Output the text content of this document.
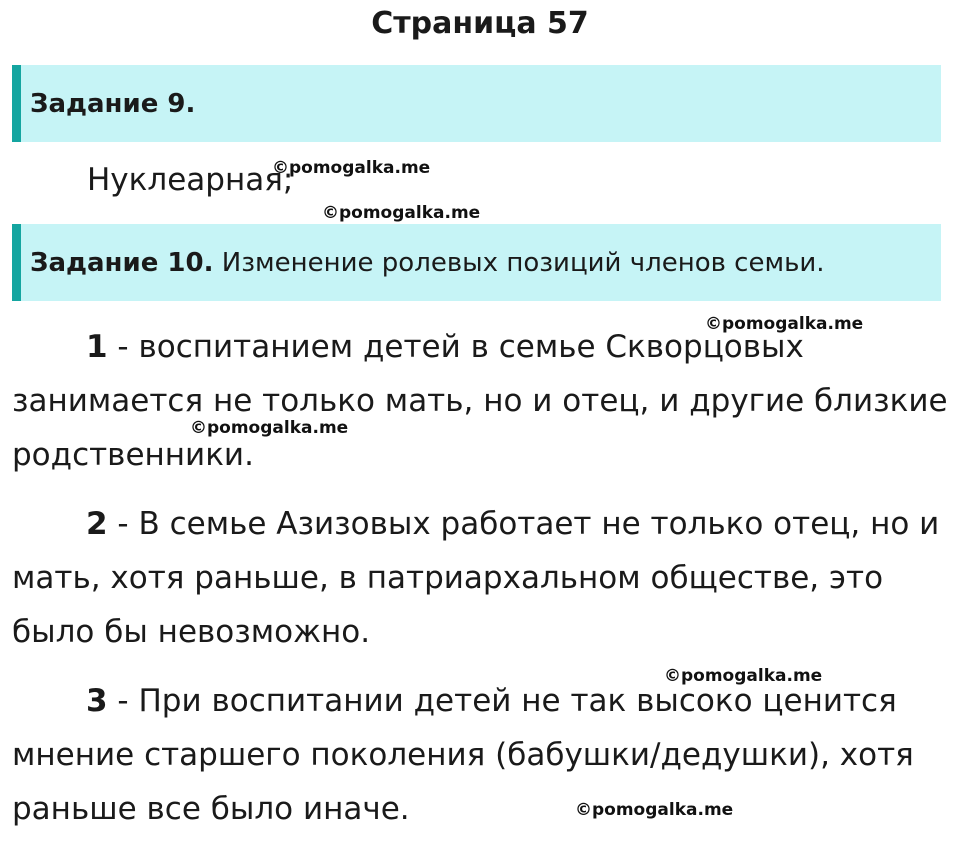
Страница 57
Задание 9.
Нуклеарная;
Задание 10. Изменение ролевых позиций членов семьи.
1 - воспитанием детей в семье Скворцовых занимается не только мать, но и отец, и другие близкие родственники.
2 - В семье Азизовых работает не только отец, но и мать, хотя раньше, в патриархальном обществе, это было бы невозможно.
3 - При воспитании детей не так высоко ценится мнение старшего поколения (бабушки/дедушки), хотя раньше все было иначе.
©pomogalka.me
©pomogalka.me
©pomogalka.me
©pomogalka.me
©pomogalka.me
©pomogalka.me
